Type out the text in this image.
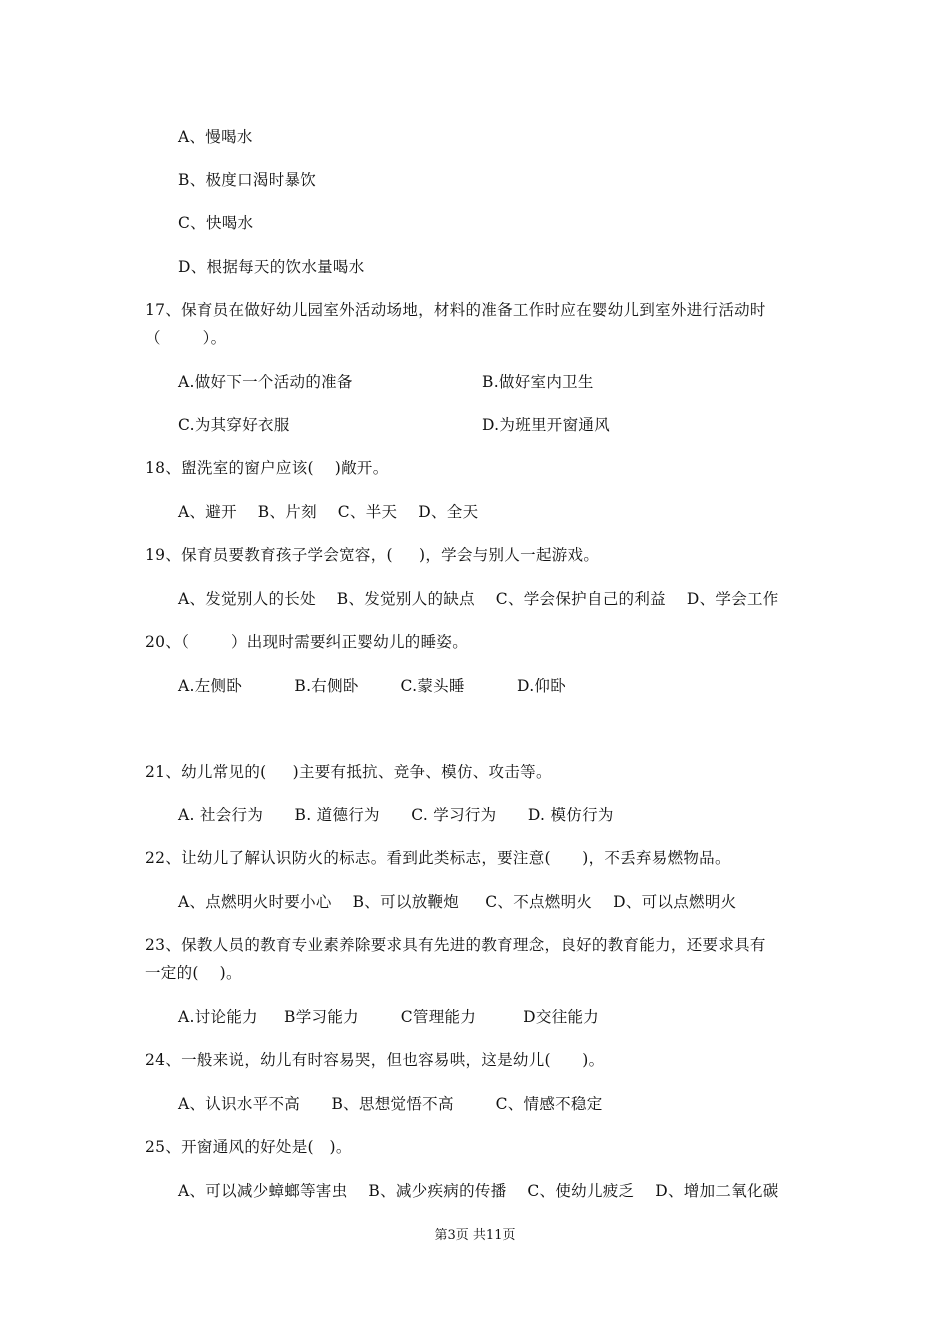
A、慢喝水
B、极度口渴时暴饮
C、快喝水
D、根据每天的饮水量喝水
17、保育员在做好幼儿园室外活动场地，材料的准备工作时应在婴幼儿到室外进行活动时
（        ）。
A.做好下一个活动的准备	B.做好室内卫生
C.为其穿好衣服	D.为班里开窗通风
18、盥洗室的窗户应该(    )敞开。
A、避开    B、片刻    C、半天    D、全天
19、保育员要教育孩子学会宽容，(     )，学会与别人一起游戏。
A、发觉别人的长处    B、发觉别人的缺点    C、学会保护自己的利益    D、学会工作
20、（        ）出现时需要纠正婴幼儿的睡姿。
A.左侧卧          B.右侧卧        C.蒙头睡          D.仰卧
21、幼儿常见的(     )主要有抵抗、竞争、模仿、攻击等。
A. 社会行为      B. 道德行为      C. 学习行为      D. 模仿行为
22、让幼儿了解认识防火的标志。看到此类标志，要注意(      )，不丢弃易燃物品。
A、点燃明火时要小心    B、可以放鞭炮     C、不点燃明火    D、可以点燃明火
23、保教人员的教育专业素养除要求具有先进的教育理念，良好的教育能力，还要求具有
一定的(    )。
A.讨论能力     B学习能力        C管理能力         D交往能力
24、一般来说，幼儿有时容易哭，但也容易哄，这是幼儿(      )。
A、认识水平不高      B、思想觉悟不高        C、情感不稳定
25、开窗通风的好处是(   )。
A、可以减少蟑螂等害虫    B、减少疾病的传播    C、使幼儿疲乏    D、增加二氧化碳
第3页 共11页
